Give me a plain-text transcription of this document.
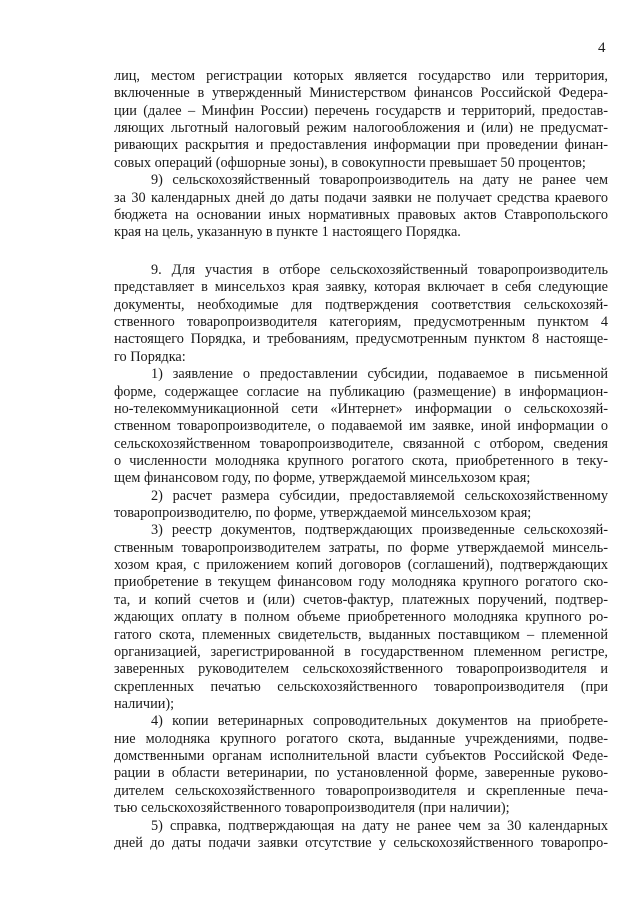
4
лиц, местом регистрации которых является государство или территория,
включенные в утвержденный Министерством финансов Российской Федера-
ции (далее – Минфин России) перечень государств и территорий, предостав-
ляющих льготный налоговый режим налогообложения и (или) не предусмат-
ривающих раскрытия и предоставления информации при проведении финан-
совых операций (офшорные зоны), в совокупности превышает 50 процентов;
9) сельскохозяйственный товаропроизводитель на дату не ранее чем
за 30 календарных дней до даты подачи заявки не получает средства краевого
бюджета на основании иных нормативных правовых актов Ставропольского
края на цель, указанную в пункте 1 настоящего Порядка.
9. Для участия в отборе сельскохозяйственный товаропроизводитель
представляет в минсельхоз края заявку, которая включает в себя следующие
документы, необходимые для подтверждения соответствия сельскохозяй-
ственного товаропроизводителя категориям, предусмотренным пунктом 4
настоящего Порядка, и требованиям, предусмотренным пунктом 8 настояще-
го Порядка:
1) заявление о предоставлении субсидии, подаваемое в письменной
форме, содержащее согласие на публикацию (размещение) в информацион-
но-телекоммуникационной сети «Интернет» информации о сельскохозяй-
ственном товаропроизводителе, о подаваемой им заявке, иной информации о
сельскохозяйственном товаропроизводителе, связанной с отбором, сведения
о численности молодняка крупного рогатого скота, приобретенного в теку-
щем финансовом году, по форме, утверждаемой минсельхозом края;
2) расчет размера субсидии, предоставляемой сельскохозяйственному
товаропроизводителю, по форме, утверждаемой минсельхозом края;
3) реестр документов, подтверждающих произведенные сельскохозяй-
ственным товаропроизводителем затраты, по форме утверждаемой минсель-
хозом края, с приложением копий договоров (соглашений), подтверждающих
приобретение в текущем финансовом году молодняка крупного рогатого ско-
та, и копий счетов и (или) счетов-фактур, платежных поручений, подтвер-
ждающих оплату в полном объеме приобретенного молодняка крупного ро-
гатого скота, племенных свидетельств, выданных поставщиком – племенной
организацией, зарегистрированной в государственном племенном регистре,
заверенных руководителем сельскохозяйственного товаропроизводителя и
скрепленных печатью сельскохозяйственного товаропроизводителя (при
наличии);
4) копии ветеринарных сопроводительных документов на приобрете-
ние молодняка крупного рогатого скота, выданные учреждениями, подве-
домственными органам исполнительной власти субъектов Российской Феде-
рации в области ветеринарии, по установленной форме, заверенные руково-
дителем сельскохозяйственного товаропроизводителя и скрепленные печа-
тью сельскохозяйственного товаропроизводителя (при наличии);
5) справка, подтверждающая на дату не ранее чем за 30 календарных
дней до даты подачи заявки отсутствие у сельскохозяйственного товаропро-
